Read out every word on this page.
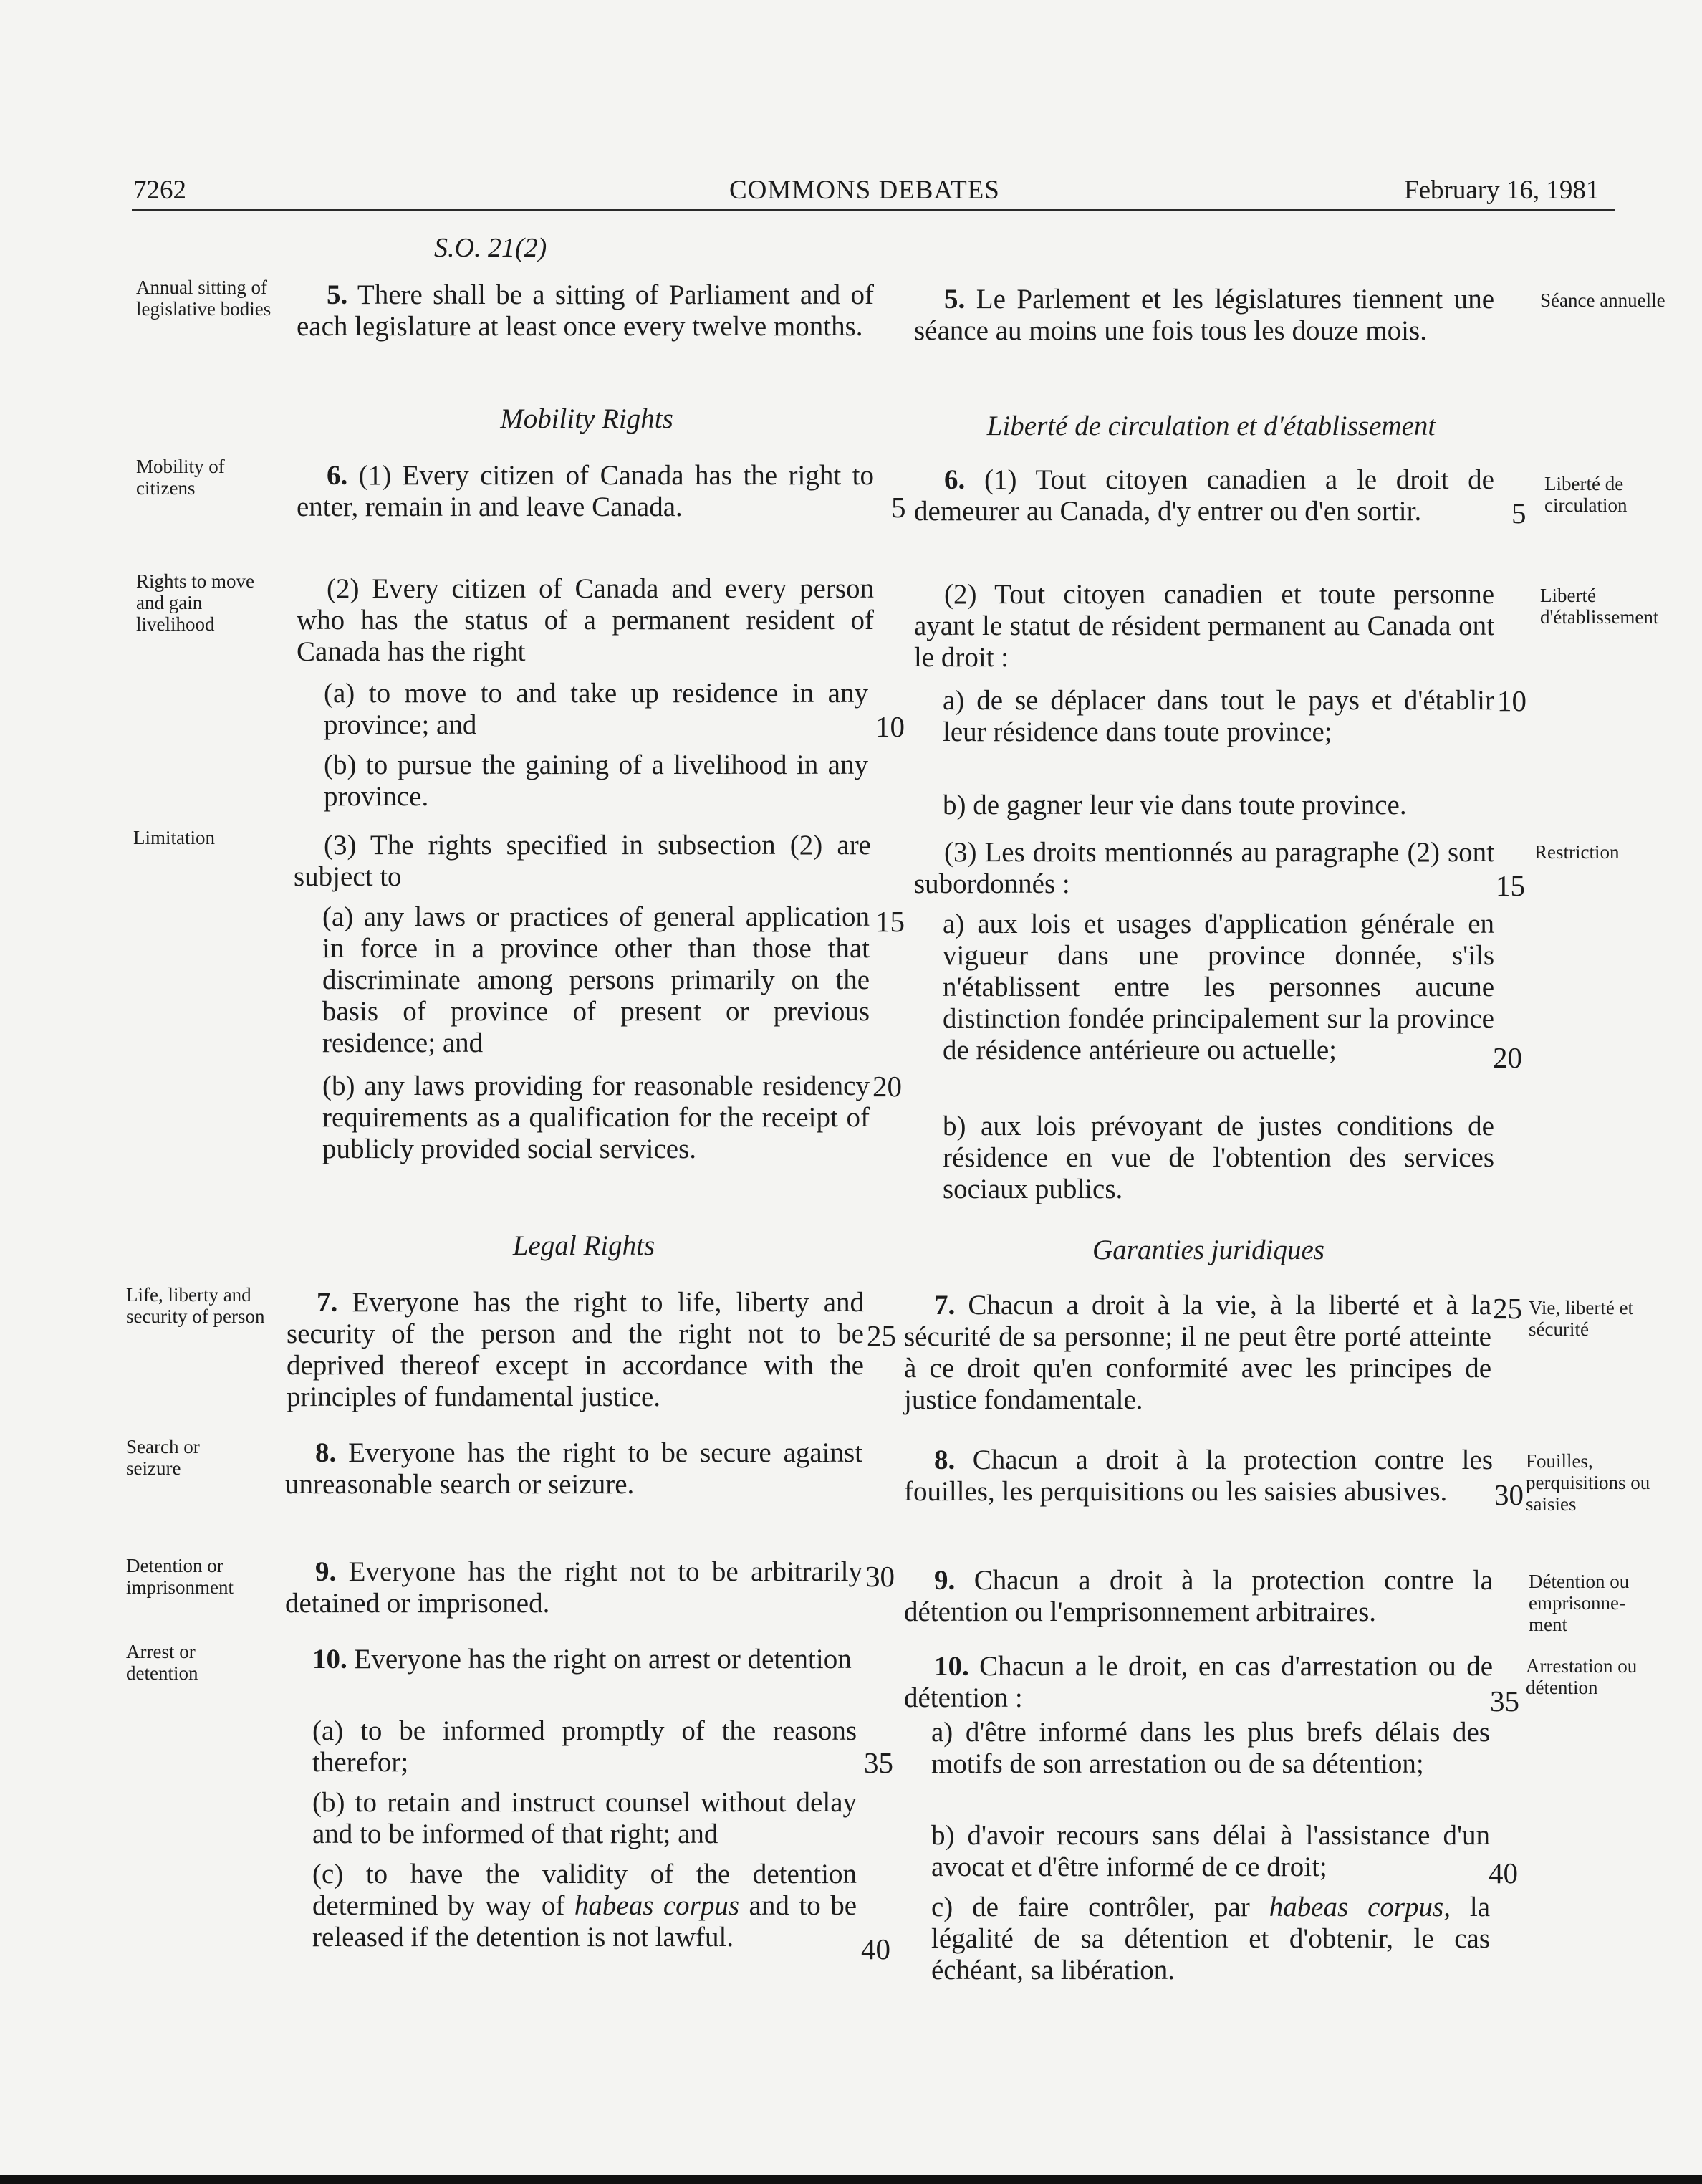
7262	COMMONS DEBATES	February 16, 1981
S.O. 21(2)
Annual sitting of legislative bodies
Mobility of citizens
Rights to move and gain livelihood
Limitation
Life, liberty and security of person
Search or seizure
Detention or imprisonment
Arrest or detention
Séance annuelle
Liberté de circulation
Liberté d'établissement
Restriction
Vie, liberté et sécurité
Fouilles, perquisitions ou saisies
Détention ou emprisonne- ment
Arrestation ou détention
Mobility Rights	Liberté de circulation et d'établissement
Legal Rights	Garanties juridiques
5. There shall be a sitting of Parliament and of each legislature at least once every twelve months.
6. (1) Every citizen of Canada has the right to enter, remain in and leave Canada.
(2) Every citizen of Canada and every person who has the status of a permanent resident of Canada has the right
(a) to move to and take up residence in any province; and
(b) to pursue the gaining of a livelihood in any province.
(3) The rights specified in subsection (2) are subject to
(a) any laws or practices of general application in force in a province other than those that discriminate among persons primarily on the basis of province of present or previous residence; and
(b) any laws providing for reasonable residency requirements as a qualification for the receipt of publicly provided social services.
7. Everyone has the right to life, liberty and security of the person and the right not to be deprived thereof except in accordance with the principles of fundamental justice.
8. Everyone has the right to be secure against unreasonable search or seizure.
9. Everyone has the right not to be arbitrarily detained or imprisoned.
10. Everyone has the right on arrest or detention
(a) to be informed promptly of the reasons therefor;
(b) to retain and instruct counsel without delay and to be informed of that right; and
(c) to have the validity of the detention determined by way of habeas corpus and to be released if the detention is not lawful.
5. Le Parlement et les législatures tiennent une séance au moins une fois tous les douze mois.
6. (1) Tout citoyen canadien a le droit de demeurer au Canada, d'y entrer ou d'en sortir.
(2) Tout citoyen canadien et toute personne ayant le statut de résident permanent au Canada ont le droit :
a) de se déplacer dans tout le pays et d'établir leur résidence dans toute province;
b) de gagner leur vie dans toute province.
(3) Les droits mentionnés au paragraphe (2) sont subordonnés :
a) aux lois et usages d'application générale en vigueur dans une province donnée, s'ils n'établissent entre les personnes aucune distinction fondée principalement sur la province de résidence antérieure ou actuelle;
b) aux lois prévoyant de justes conditions de résidence en vue de l'obtention des services sociaux publics.
7. Chacun a droit à la vie, à la liberté et à la sécurité de sa personne; il ne peut être porté atteinte à ce droit qu'en conformité avec les principes de justice fondamentale.
8. Chacun a droit à la protection contre les fouilles, les perquisitions ou les saisies abusives.
9. Chacun a droit à la protection contre la détention ou l'emprisonnement arbitraires.
10. Chacun a le droit, en cas d'arrestation ou de détention :
a) d'être informé dans les plus brefs délais des motifs de son arrestation ou de sa détention;
b) d'avoir recours sans délai à l'assistance d'un avocat et d'être informé de ce droit;
c) de faire contrôler, par habeas corpus, la légalité de sa détention et d'obtenir, le cas échéant, sa libération.
5
10
15
20
25
30
35
40
5
10
15
20
25
30
35
40
